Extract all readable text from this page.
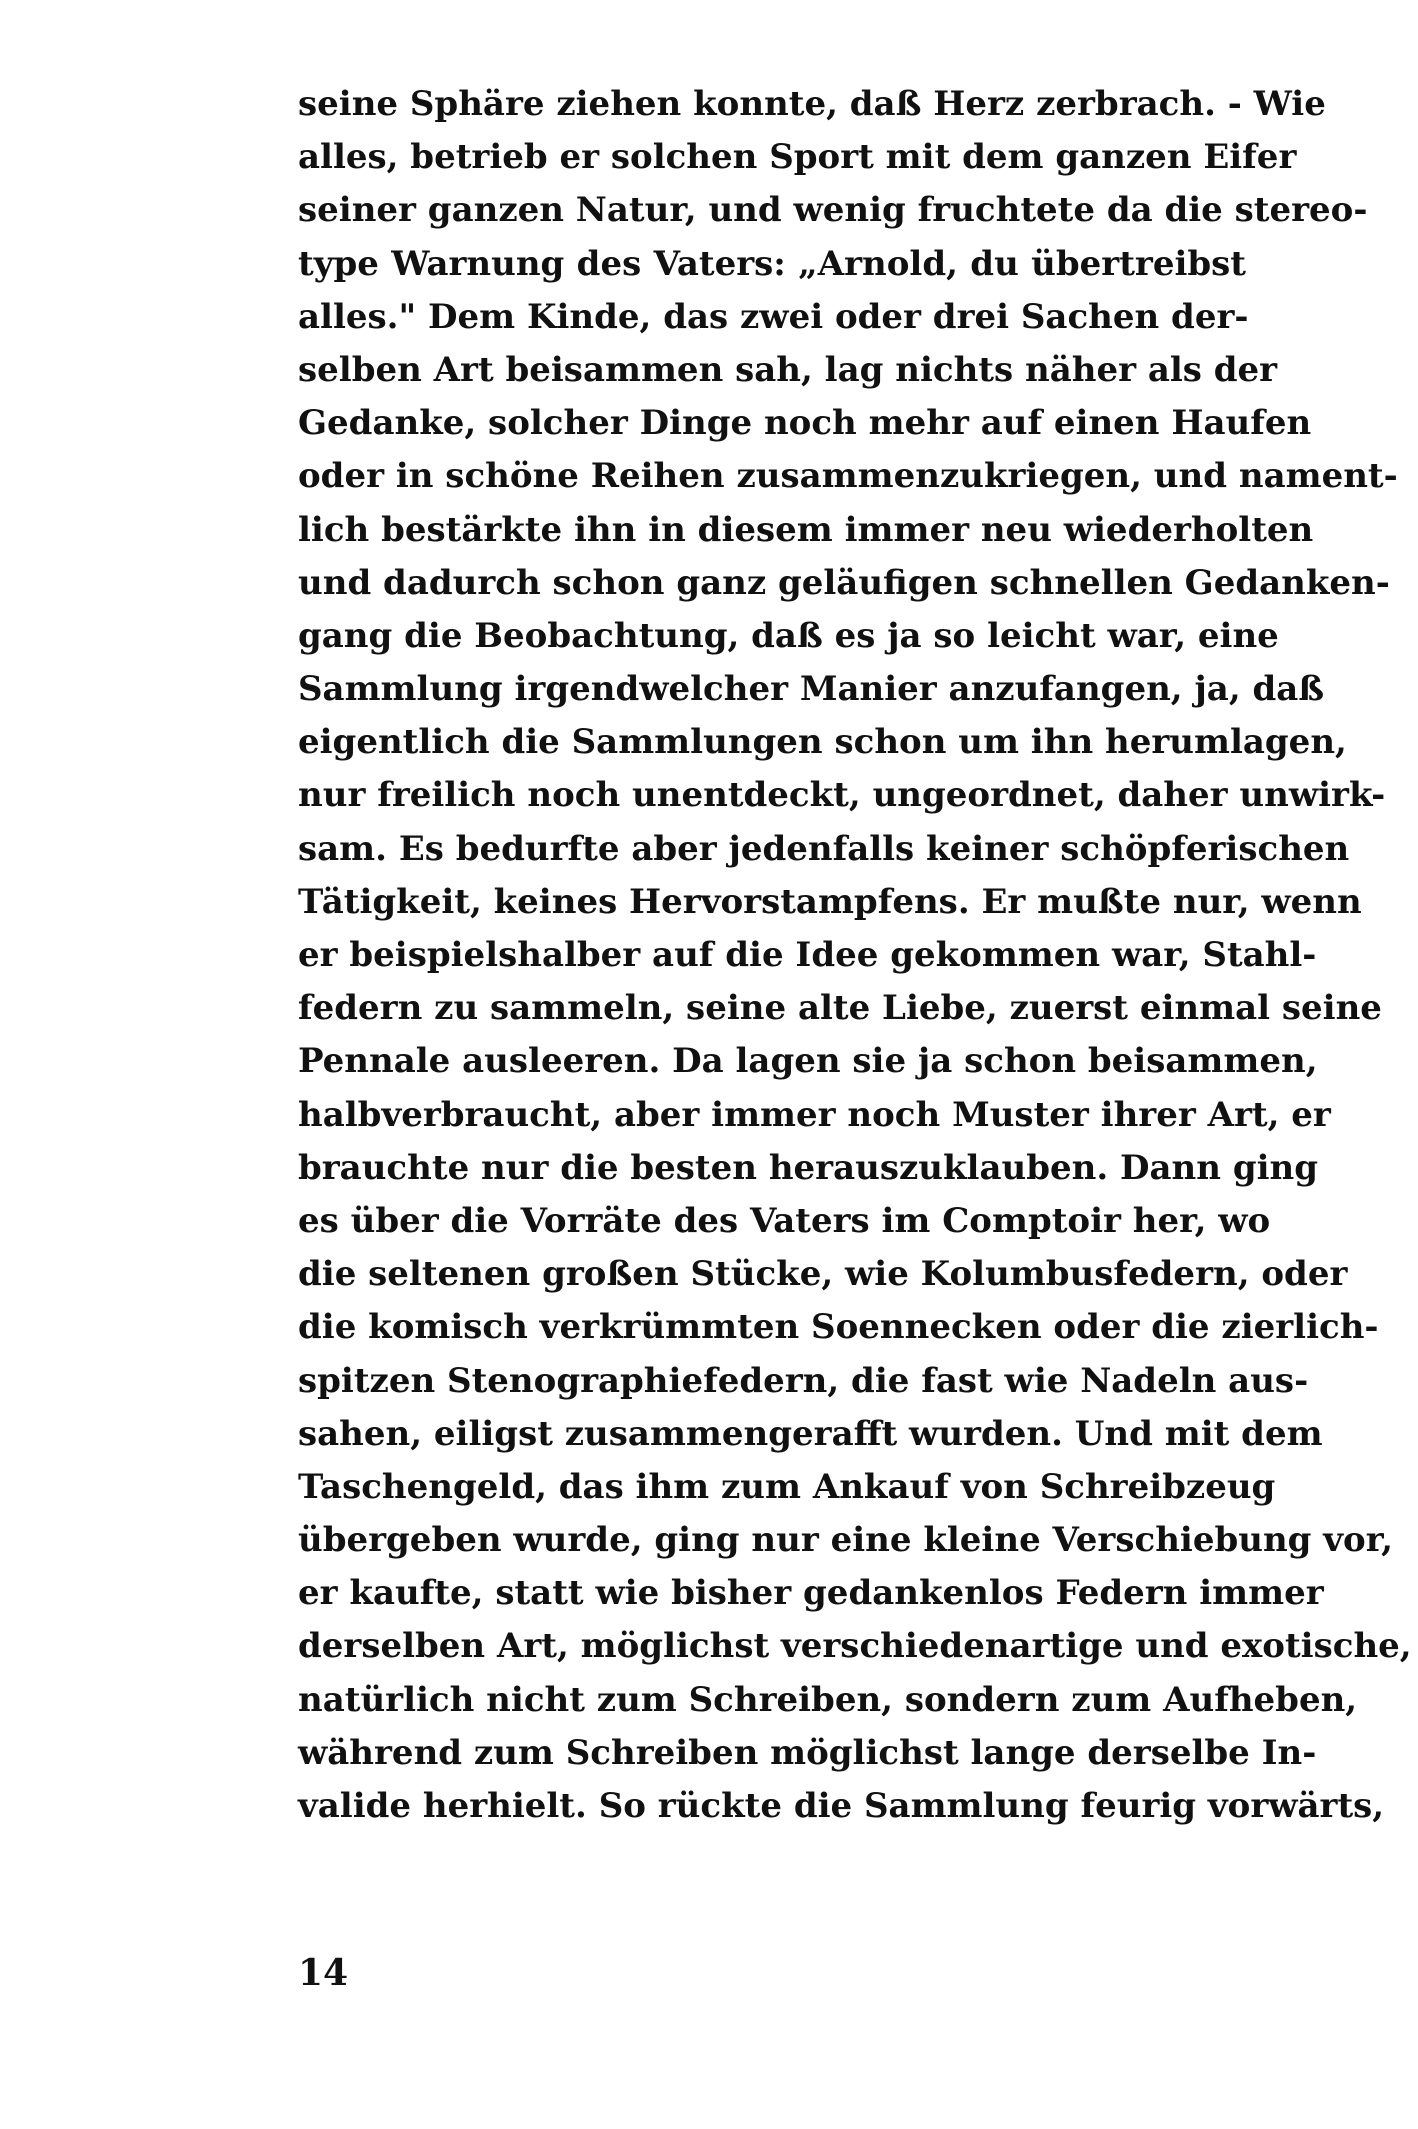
seine Sphäre ziehen konnte, daß Herz zerbrach. - Wie
alles, betrieb er solchen Sport mit dem ganzen Eifer
seiner ganzen Natur, und wenig fruchtete da die stereo-
type Warnung des Vaters: „Arnold, du übertreibst
alles." Dem Kinde, das zwei oder drei Sachen der-
selben Art beisammen sah, lag nichts näher als der
Gedanke, solcher Dinge noch mehr auf einen Haufen
oder in schöne Reihen zusammenzukriegen, und nament-
lich bestärkte ihn in diesem immer neu wiederholten
und dadurch schon ganz geläufigen schnellen Gedanken-
gang die Beobachtung, daß es ja so leicht war, eine
Sammlung irgendwelcher Manier anzufangen, ja, daß
eigentlich die Sammlungen schon um ihn herumlagen,
nur freilich noch unentdeckt, ungeordnet, daher unwirk-
sam. Es bedurfte aber jedenfalls keiner schöpferischen
Tätigkeit, keines Hervorstampfens. Er mußte nur, wenn
er beispielshalber auf die Idee gekommen war, Stahl-
federn zu sammeln, seine alte Liebe, zuerst einmal seine
Pennale ausleeren. Da lagen sie ja schon beisammen,
halbverbraucht, aber immer noch Muster ihrer Art, er
brauchte nur die besten herauszuklauben. Dann ging
es über die Vorräte des Vaters im Comptoir her, wo
die seltenen großen Stücke, wie Kolumbusfedern, oder
die komisch verkrümmten Soennecken oder die zierlich-
spitzen Stenographiefedern, die fast wie Nadeln aus-
sahen, eiligst zusammengerafft wurden. Und mit dem
Taschengeld, das ihm zum Ankauf von Schreibzeug
übergeben wurde, ging nur eine kleine Verschiebung vor,
er kaufte, statt wie bisher gedankenlos Federn immer
derselben Art, möglichst verschiedenartige und exotische,
natürlich nicht zum Schreiben, sondern zum Aufheben,
während zum Schreiben möglichst lange derselbe In-
valide herhielt. So rückte die Sammlung feurig vorwärts,
14
